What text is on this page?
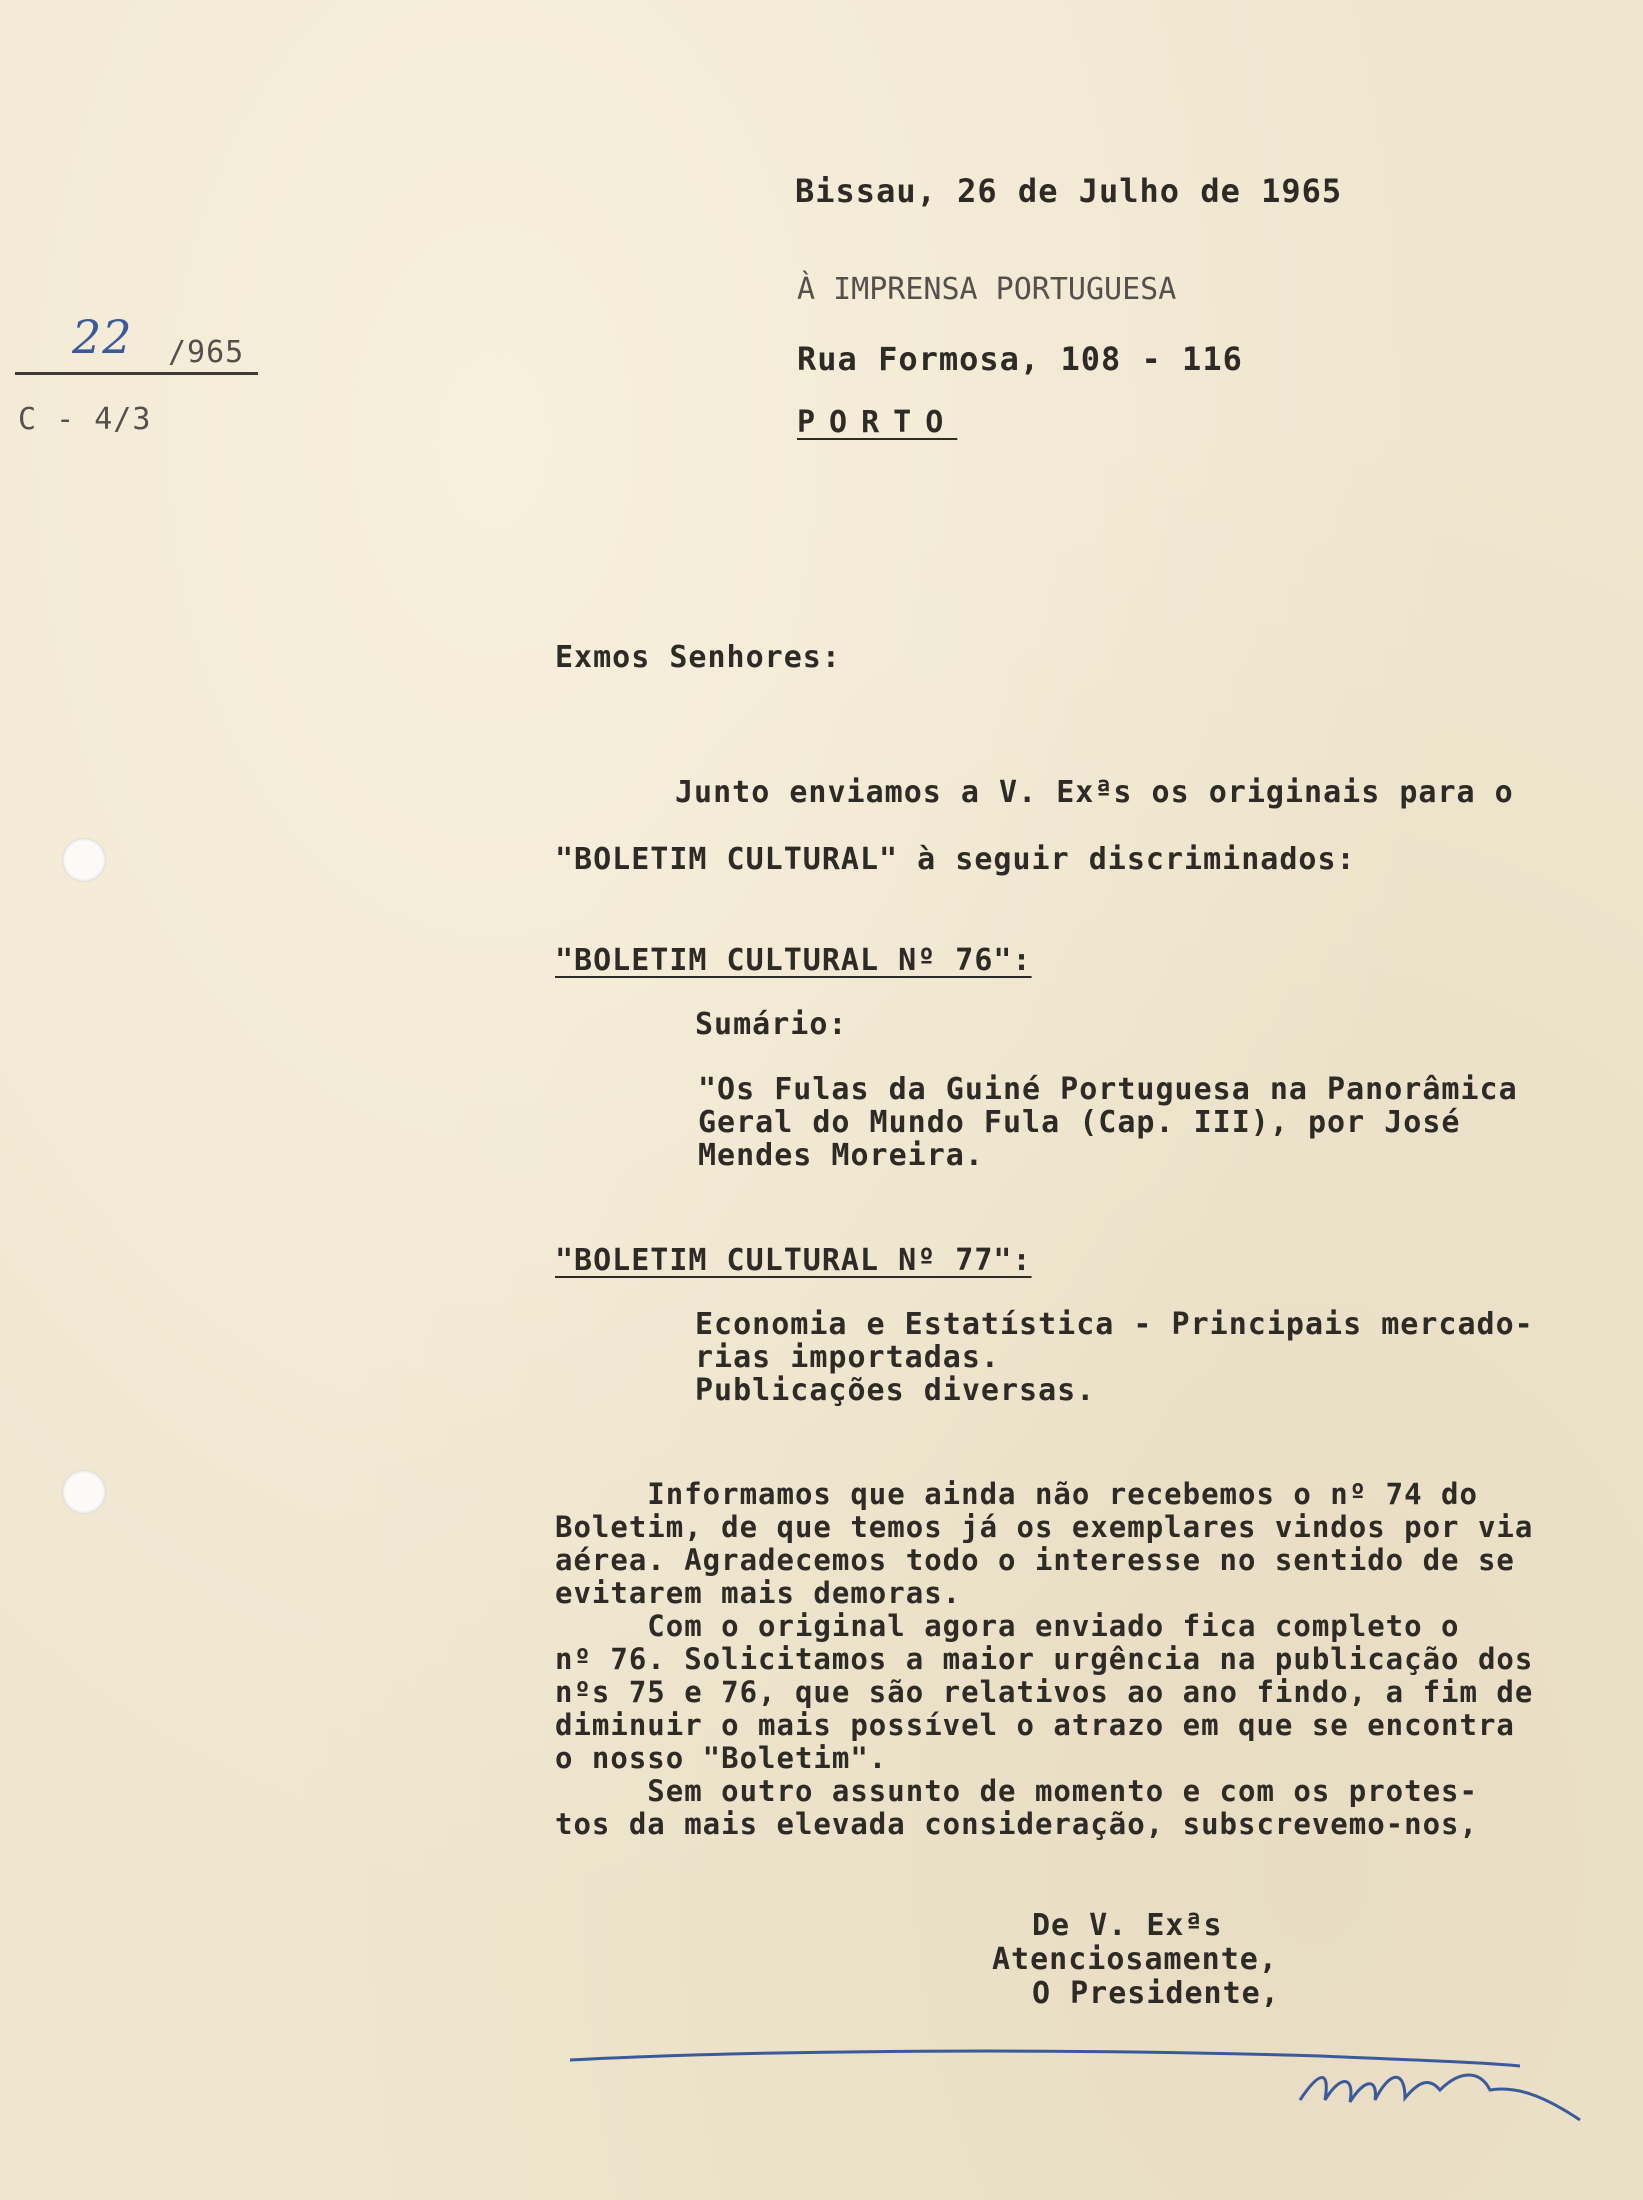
22 /965
C - 4/3
Bissau, 26 de Julho de 1965
À IMPRENSA PORTUGUESA
Rua Formosa, 108 - 116
PORTO
Exmos Senhores:
Junto enviamos a V. Exªs os originais para o
"BOLETIM CULTURAL" à seguir discriminados:
"BOLETIM CULTURAL Nº 76":
Sumário:
"Os Fulas da Guiné Portuguesa na Panorâmica
Geral do Mundo Fula (Cap. III), por José
Mendes Moreira.
"BOLETIM CULTURAL Nº 77":
Economia e Estatística - Principais mercado-
rias importadas.
Publicações diversas.
Informamos que ainda não recebemos o nº 74 do
Boletim, de que temos já os exemplares vindos por via
aérea. Agradecemos todo o interesse no sentido de se
evitarem mais demoras.
Com o original agora enviado fica completo o
nº 76. Solicitamos a maior urgência na publicação dos
nºs 75 e 76, que são relativos ao ano findo, a fim de
diminuir o mais possível o atrazo em que se encontra
o nosso "Boletim".
Sem outro assunto de momento e com os protes-
tos da mais elevada consideração, subscrevemo-nos,
De V. Exªs
Atenciosamente,
O Presidente,
